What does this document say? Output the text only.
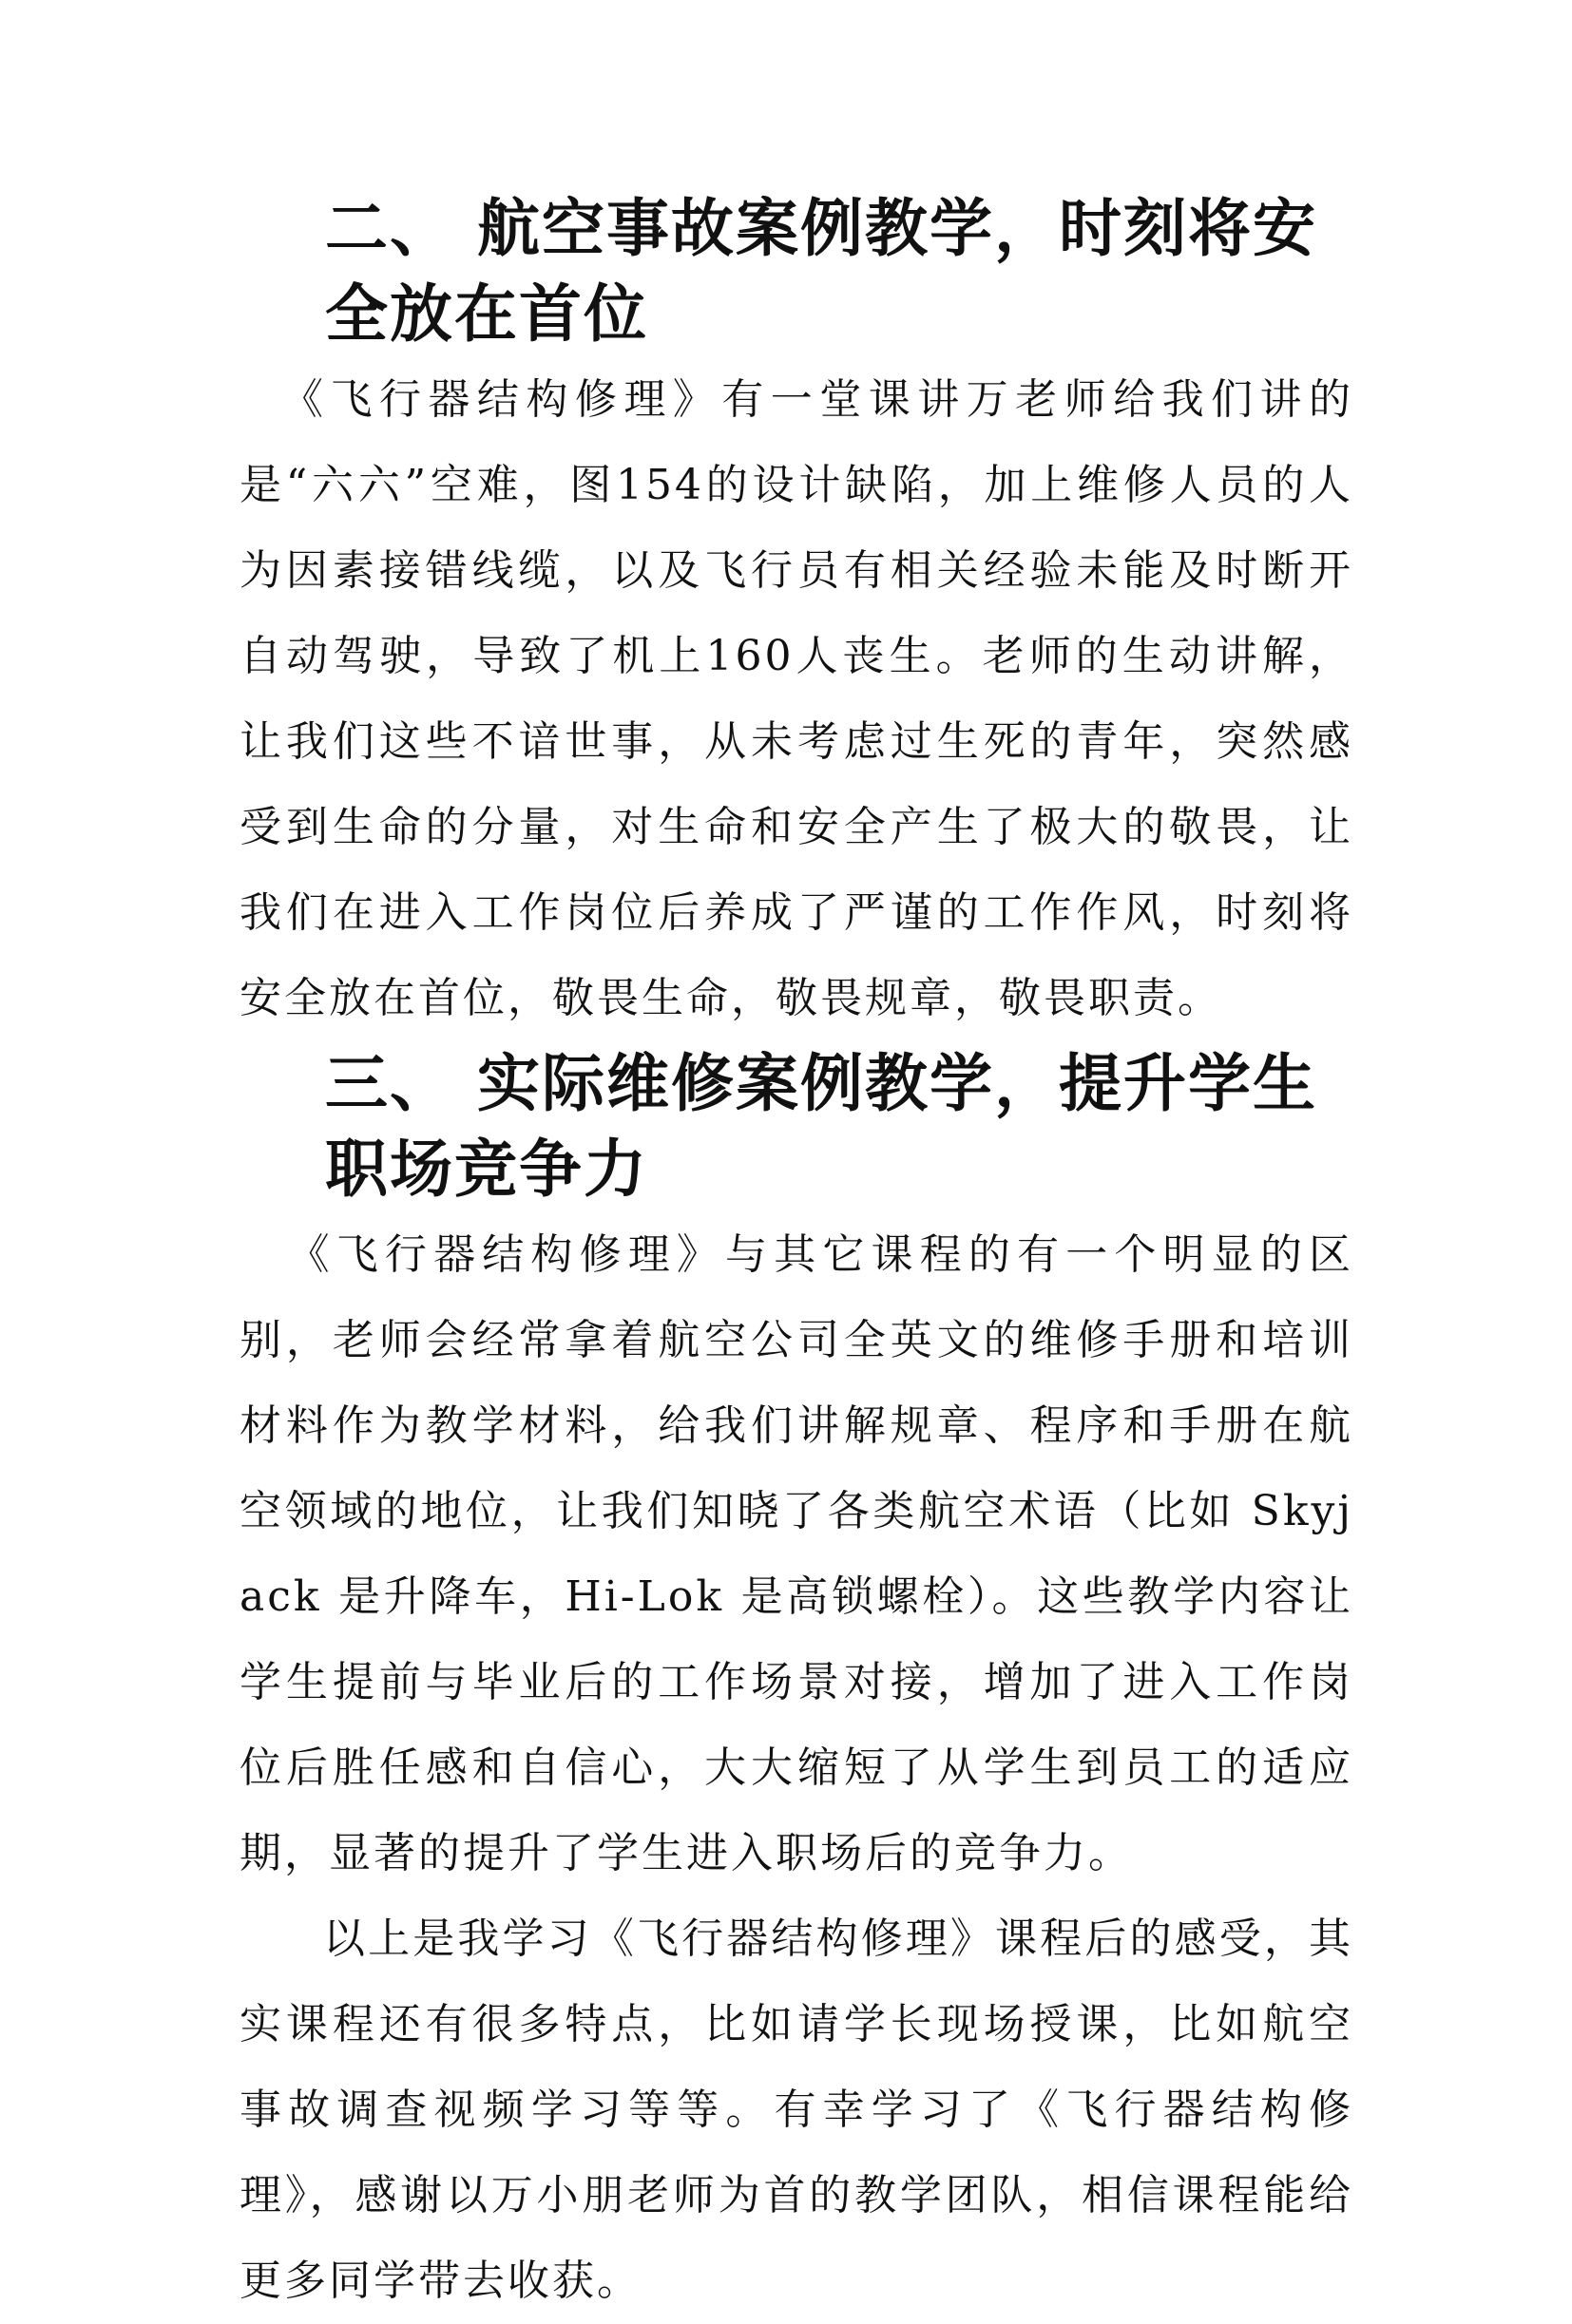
二、 航空事故案例教学，时刻将安全放在首位

《飞行器结构修理》有一堂课讲万老师给我们讲的是“六六”空难，图154的设计缺陷，加上维修人员的人为因素接错线缆，以及飞行员有相关经验未能及时断开自动驾驶，导致了机上160人丧生。老师的生动讲解，让我们这些不谙世事，从未考虑过生死的青年，突然感受到生命的分量，对生命和安全产生了极大的敬畏，让我们在进入工作岗位后养成了严谨的工作作风，时刻将安全放在首位，敬畏生命，敬畏规章，敬畏职责。

三、 实际维修案例教学，提升学生职场竞争力

《飞行器结构修理》与其它课程的有一个明显的区别，老师会经常拿着航空公司全英文的维修手册和培训材料作为教学材料，给我们讲解规章、程序和手册在航空领域的地位，让我们知晓了各类航空术语（比如 Skyjack 是升降车，Hi-Lok 是高锁螺栓）。这些教学内容让学生提前与毕业后的工作场景对接，增加了进入工作岗位后胜任感和自信心，大大缩短了从学生到员工的适应期，显著的提升了学生进入职场后的竞争力。

以上是我学习《飞行器结构修理》课程后的感受，其实课程还有很多特点，比如请学长现场授课，比如航空事故调查视频学习等等。有幸学习了《飞行器结构修理》，感谢以万小朋老师为首的教学团队，相信课程能给更多同学带去收获。
